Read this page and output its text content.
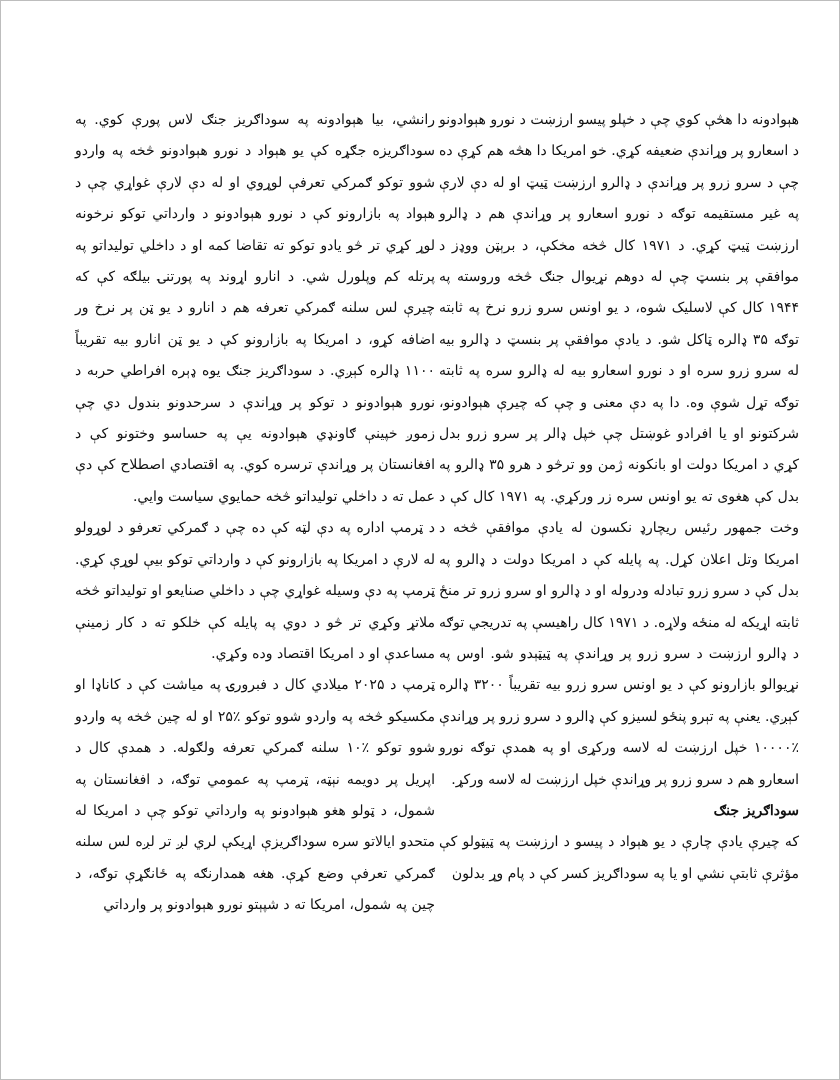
هېوادونه دا هڅې کوي چې د خپلو پيسو ارزښت د نورو هېوادونو د اسعارو پر وړاندې ضعيفه کړي. خو امريکا دا هڅه هم کړې ده چې د سرو زرو پر وړاندې د ډالرو ارزښت ټيټ او له دې لارې په غیر مستقیمه توګه د نورو اسعارو پر وړاندې هم د ډالرو ارزښت ټيټ کړي. د ۱۹۷۱ کال څخه مخکې، د برېټن ووډز د موافقې پر بنسټ چې له دوهم نړیوال جنګ څخه وروسته په ۱۹۴۴ کال کې لاسلیک شوه، د يو اونس سرو زرو نرخ په ثابته توګه ۳۵ ډالره ټاکل شو. د يادې موافقې پر بنسټ د ډالرو بيه له سرو زرو سره او د نورو اسعارو بيه له ډالرو سره په ثابته توګه تړل شوې وه. دا په دې معنی و چې که چیرې هېوادونو، شرکتونو او يا افرادو غوښتل چې خپل ډالر پر سرو زرو بدل کړي د امريکا دولت او بانکونه ژمن وو ترڅو د هرو ۳۵ ډالرو په بدل کې هغوی ته يو اونس سره زر ورکړي. په ۱۹۷۱ کال کې د وخت جمهور رئيس ريچارډ نکسون له يادې موافقې څخه د امريکا وتل اعلان کړل. په پايله کې د امريکا دولت د ډالرو په بدل کې د سرو زرو تبادله ودروله او د ډالرو او سرو زرو تر منځ ثابته اړيکه له منځه ولاړه. د ۱۹۷۱ کال راهيسې په تدريجي توګه د ډالرو ارزښت د سرو زرو پر وړاندې په ټيټېدو شو. اوس په نړیوالو بازارونو کې د يو اونس سرو زرو بيه تقريباً ۳۲۰۰ ډالره کېږي. يعنې په تېرو پنځو لسيزو کې ډالرو د سرو زرو پر وړاندې ٪۱۰۰۰۰ خپل ارزښت له لاسه ورکړی او په همدې توګه نورو اسعارو هم د سرو زرو پر وړاندې خپل ارزښت له لاسه ورکړ.

سوداګريز جنګ

که چیرې يادې چارې د يو هېواد د پيسو د ارزښت په ټيټولو کې مؤثرې ثابتې نشي او يا په سوداګريز کسر کې د پام وړ بدلون

رانشي، بيا هېوادونه په سوداګريز جنګ لاس پورې کوي. په سوداګريزه جګړه کې يو هېواد د نورو هېوادونو څخه په واردو شوو توکو ګمرکي تعرفې لوړوي او له دې لارې غواړي چې د هېواد په بازارونو کې د نورو هېوادونو د وارداتي توکو نرخونه لوړ کړي تر څو يادو توکو ته تقاضا کمه او د داخلي توليداتو په پرتله کم وپلورل شي. د انارو اړوند په پورتنۍ بيلګه کې که چيرې لس سلنه ګمرکي تعرفه هم د انارو د يو ټن پر نرخ ور اضافه کړو، د امريکا په بازارونو کې د يو ټن انارو بيه تقريباً ۱۱۰۰ ډالره کېږي. د سوداګريز جنګ يوه ډېره افراطي حربه د نورو هېوادونو د توکو پر وړاندې د سرحدونو بندول دي چې زموږ خپينې ګاونډي هېوادونه يې په حساسو وختونو کې د افغانستان پر وړاندې ترسره کوي. په اقتصادي اصطلاح کې دې عمل ته د داخلي توليداتو څخه حمايوي سياست وايي.

د ټرمپ اداره په دې لټه کې ده چې د ګمرکي تعرفو د لوړولو له لارې د امريکا په بازارونو کې د وارداتي توکو بيې لوړې کړي. ټرمپ په دې وسيله غواړي چې د داخلي صنايعو او توليداتو څخه ملاتړ وکړي تر څو د دوي په پايله کې خلکو ته د کار زمينې مساعدې او د امريکا اقتصاد وده وکړي.

ټرمپ د ۲۰۲۵ ميلادي کال د فبرورۍ په مياشت کې د کاناډا او مکسيکو څخه په واردو شوو توکو ٪۲۵ او له چين څخه په واردو شوو توکو ٪۱۰ سلنه ګمرکي تعرفه ولګوله. د همدې کال د اپريل پر دويمه نېټه، ټرمپ په عمومي توګه، د افغانستان په شمول، د ټولو هغو هېوادونو په وارداتي توکو چې د امريکا له متحدو ايالاتو سره سوداګريزې اړيکې لري لږ تر لږه لس سلنه ګمرکي تعرفې وضع کړې. هغه همدارنګه په ځانګړې توګه، د چين په شمول، امريکا ته د شپېتو نورو هېوادونو پر وارداتي
